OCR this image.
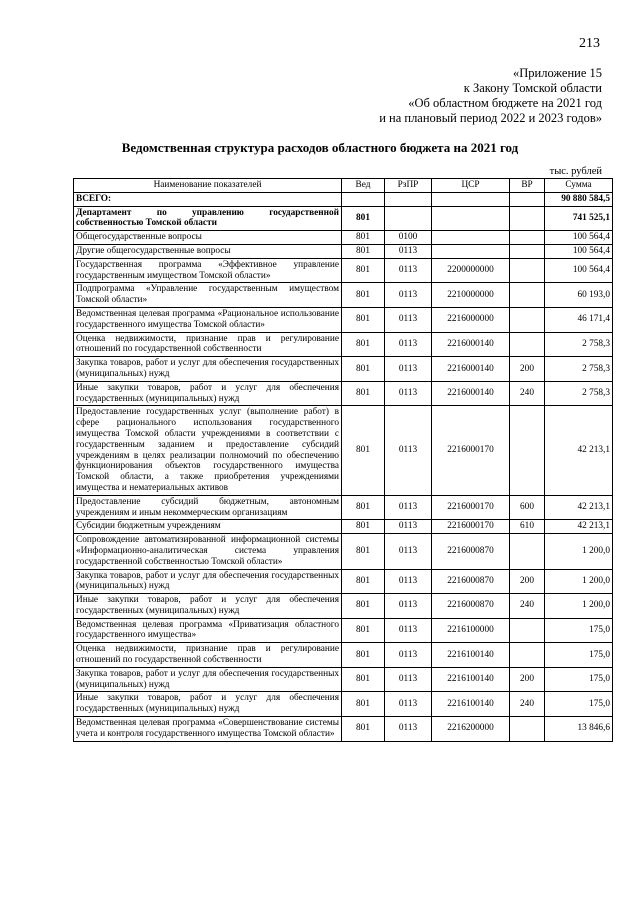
213
«Приложение 15
к Закону Томской области
«Об областном бюджете на 2021 год
и на плановый период 2022 и 2023 годов»
Ведомственная структура расходов областного бюджета на 2021 год
тыс. рублей
Наименование показателей	Вед	РзПР	ЦСР	ВР	Сумма
ВСЕГО:					90 880 584,5
Департамент по управлению государственной собственностью Томской области	801				741 525,1
Общегосударственные вопросы	801	0100			100 564,4
Другие общегосударственные вопросы	801	0113			100 564,4
Государственная программа «Эффективное управление государственным имуществом Томской области»	801	0113	2200000000		100 564,4
Подпрограмма «Управление государственным имуществом Томской области»	801	0113	2210000000		60 193,0
Ведомственная целевая программа «Рациональное использование государственного имущества Томской области»	801	0113	2216000000		46 171,4
Оценка недвижимости, признание прав и регулирование отношений по государственной собственности	801	0113	2216000140		2 758,3
Закупка товаров, работ и услуг для обеспечения государственных (муниципальных) нужд	801	0113	2216000140	200	2 758,3
Иные закупки товаров, работ и услуг для обеспечения государственных (муниципальных) нужд	801	0113	2216000140	240	2 758,3
Предоставление государственных услуг (выполнение работ) в сфере рационального использования государственного имущества Томской области учреждениями в соответствии с государственным заданием и предоставление субсидий учреждениям в целях реализации полномочий по обеспечению функционирования объектов государственного имущества Томской области, а также приобретения учреждениями имущества и нематериальных активов	801	0113	2216000170		42 213,1
Предоставление субсидий бюджетным, автономным учреждениям и иным некоммерческим организациям	801	0113	2216000170	600	42 213,1
Субсидии бюджетным учреждениям	801	0113	2216000170	610	42 213,1
Сопровождение автоматизированной информационной системы «Информационно-аналитическая система управления государственной собственностью Томской области»	801	0113	2216000870		1 200,0
Закупка товаров, работ и услуг для обеспечения государственных (муниципальных) нужд	801	0113	2216000870	200	1 200,0
Иные закупки товаров, работ и услуг для обеспечения государственных (муниципальных) нужд	801	0113	2216000870	240	1 200,0
Ведомственная целевая программа «Приватизация областного государственного имущества»	801	0113	2216100000		175,0
Оценка недвижимости, признание прав и регулирование отношений по государственной собственности	801	0113	2216100140		175,0
Закупка товаров, работ и услуг для обеспечения государственных (муниципальных) нужд	801	0113	2216100140	200	175,0
Иные закупки товаров, работ и услуг для обеспечения государственных (муниципальных) нужд	801	0113	2216100140	240	175,0
Ведомственная целевая программа «Совершенствование системы учета и контроля государственного имущества Томской области»	801	0113	2216200000		13 846,6
